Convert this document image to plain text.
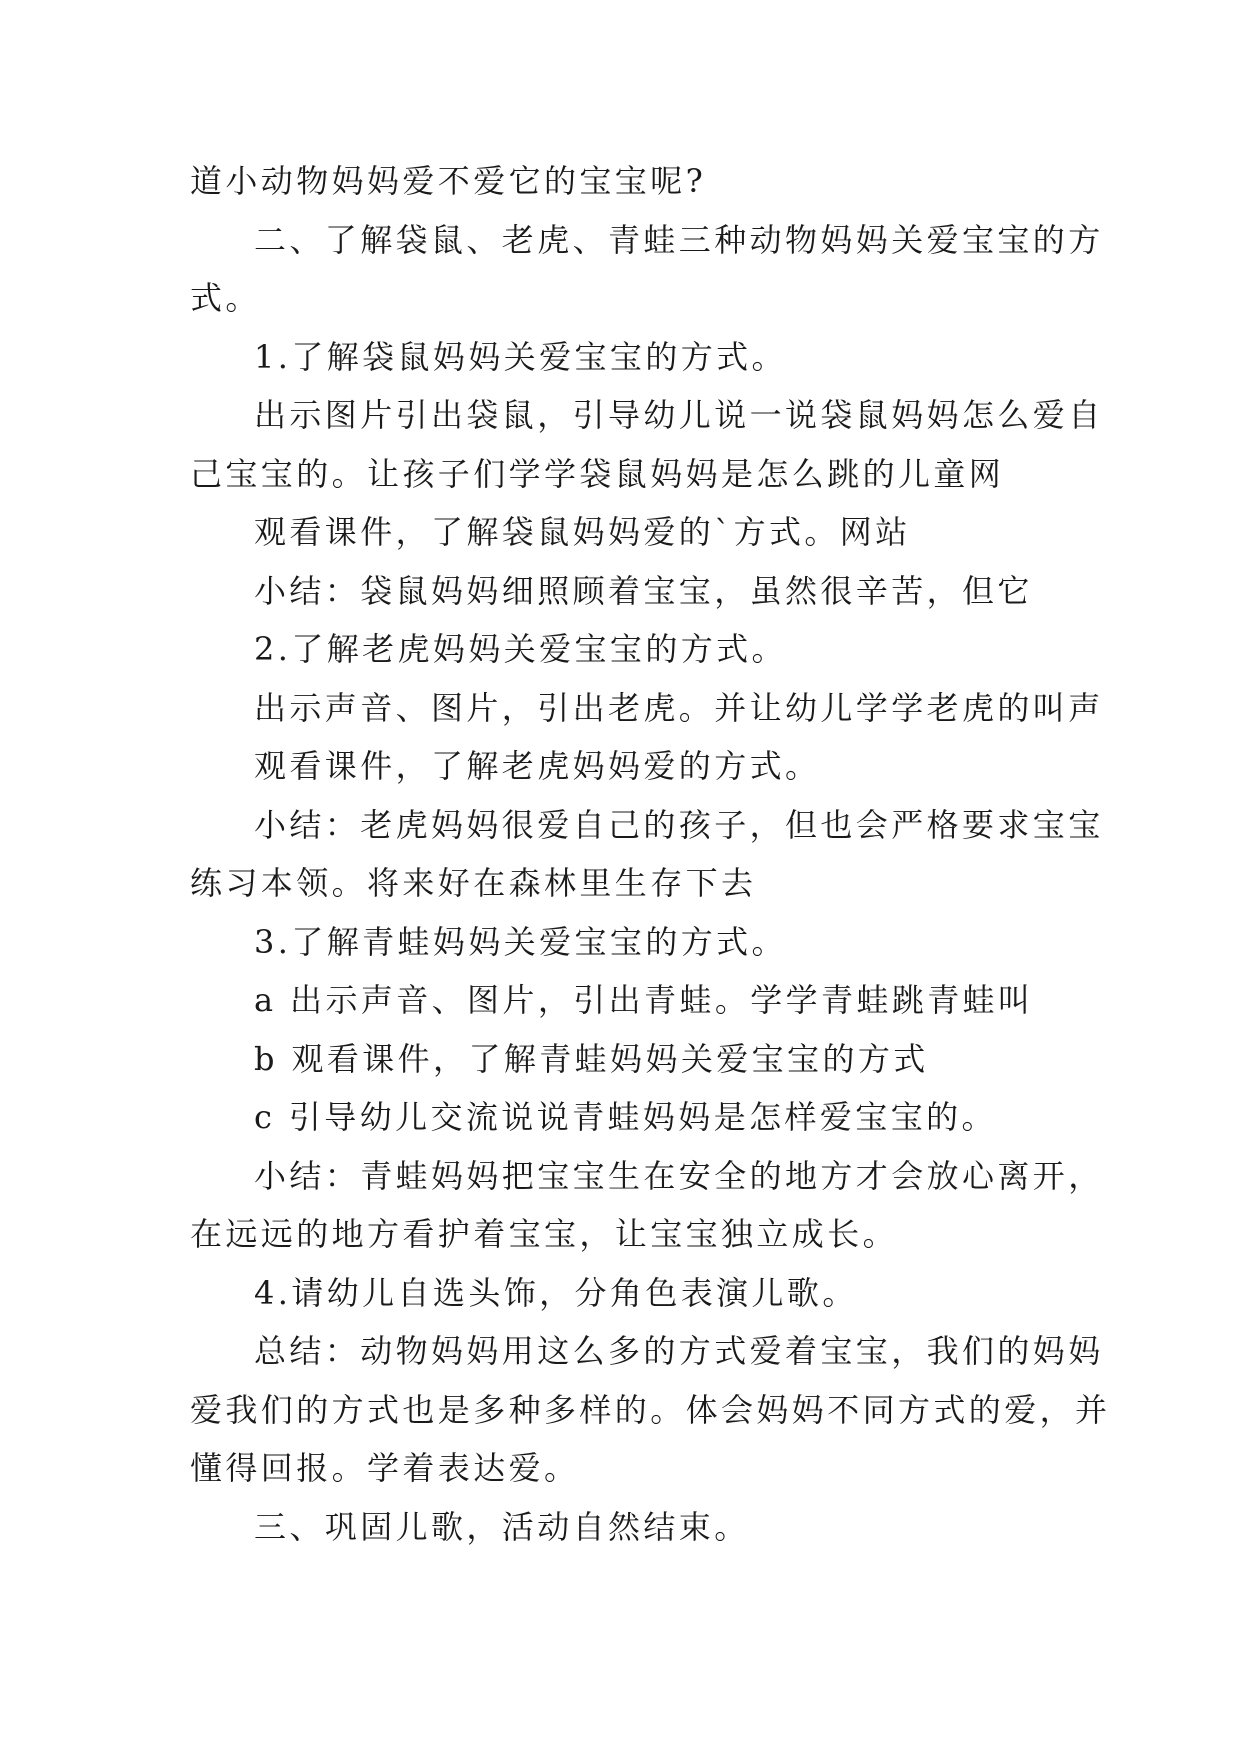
道小动物妈妈爱不爱它的宝宝呢?
二、了解袋鼠、老虎、青蛙三种动物妈妈关爱宝宝的方
式。
1.了解袋鼠妈妈关爱宝宝的方式。
出示图片引出袋鼠，引导幼儿说一说袋鼠妈妈怎么爱自
己宝宝的。让孩子们学学袋鼠妈妈是怎么跳的儿童网
观看课件，了解袋鼠妈妈爱的`方式。网站
小结：袋鼠妈妈细照顾着宝宝，虽然很辛苦，但它
2.了解老虎妈妈关爱宝宝的方式。
出示声音、图片，引出老虎。并让幼儿学学老虎的叫声
观看课件，了解老虎妈妈爱的方式。
小结：老虎妈妈很爱自己的孩子，但也会严格要求宝宝
练习本领。将来好在森林里生存下去
3.了解青蛙妈妈关爱宝宝的方式。
a 出示声音、图片，引出青蛙。学学青蛙跳青蛙叫
b 观看课件，了解青蛙妈妈关爱宝宝的方式
c 引导幼儿交流说说青蛙妈妈是怎样爱宝宝的。
小结：青蛙妈妈把宝宝生在安全的地方才会放心离开，
在远远的地方看护着宝宝，让宝宝独立成长。
4.请幼儿自选头饰，分角色表演儿歌。
总结：动物妈妈用这么多的方式爱着宝宝，我们的妈妈
爱我们的方式也是多种多样的。体会妈妈不同方式的爱，并
懂得回报。学着表达爱。
三、巩固儿歌，活动自然结束。
